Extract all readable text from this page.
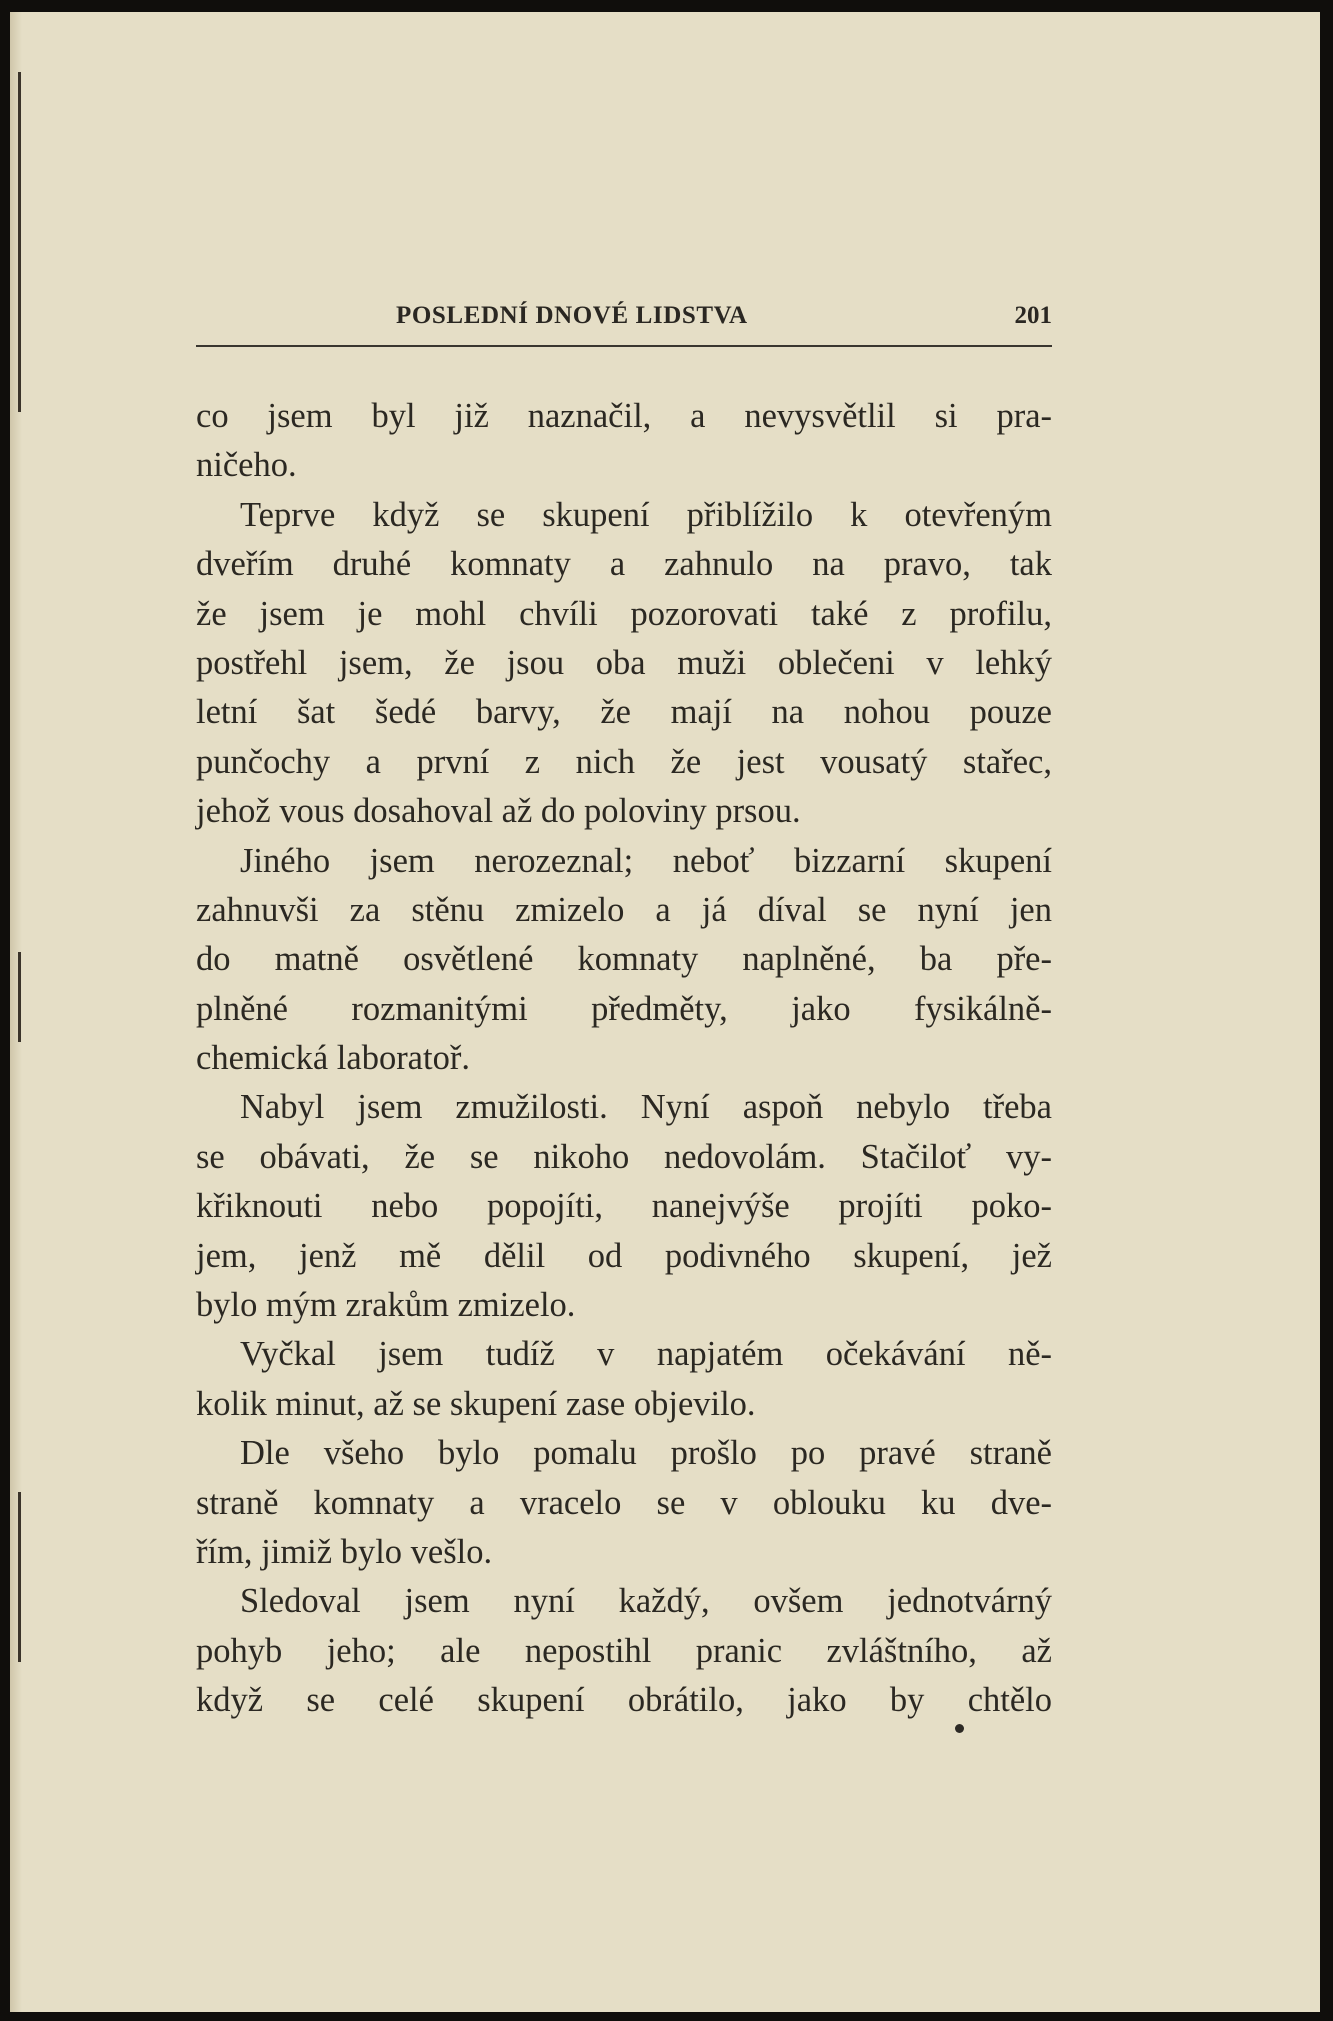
POSLEDNÍ DNOVÉ LIDSTVA	201
co jsem byl již naznačil, a nevysvětlil si pra-
ničeho.
Teprve když se skupení přiblížilo k otevřeným
dveřím druhé komnaty a zahnulo na pravo, tak
že jsem je mohl chvíli pozorovati také z profilu,
postřehl jsem, že jsou oba muži oblečeni v lehký
letní šat šedé barvy, že mají na nohou pouze
punčochy a první z nich že jest vousatý stařec,
jehož vous dosahoval až do poloviny prsou.
Jiného jsem nerozeznal; neboť bizzarní skupení
zahnuvši za stěnu zmizelo a já díval se nyní jen
do matně osvětlené komnaty naplněné, ba pře-
plněné rozmanitými předměty, jako fysikálně-
chemická laboratoř.
Nabyl jsem zmužilosti. Nyní aspoň nebylo třeba
se obávati, že se nikoho nedovolám. Stačiloť vy-
křiknouti nebo popojíti, nanejvýše projíti poko-
jem, jenž mě dělil od podivného skupení, jež
bylo mým zrakům zmizelo.
Vyčkal jsem tudíž v napjatém očekávání ně-
kolik minut, až se skupení zase objevilo.
Dle všeho bylo pomalu prošlo po pravé straně
straně komnaty a vracelo se v oblouku ku dve-
řím, jimiž bylo vešlo.
Sledoval jsem nyní každý, ovšem jednotvárný
pohyb jeho; ale nepostihl pranic zvláštního, až
když se celé skupení obrátilo, jako by chtělo
